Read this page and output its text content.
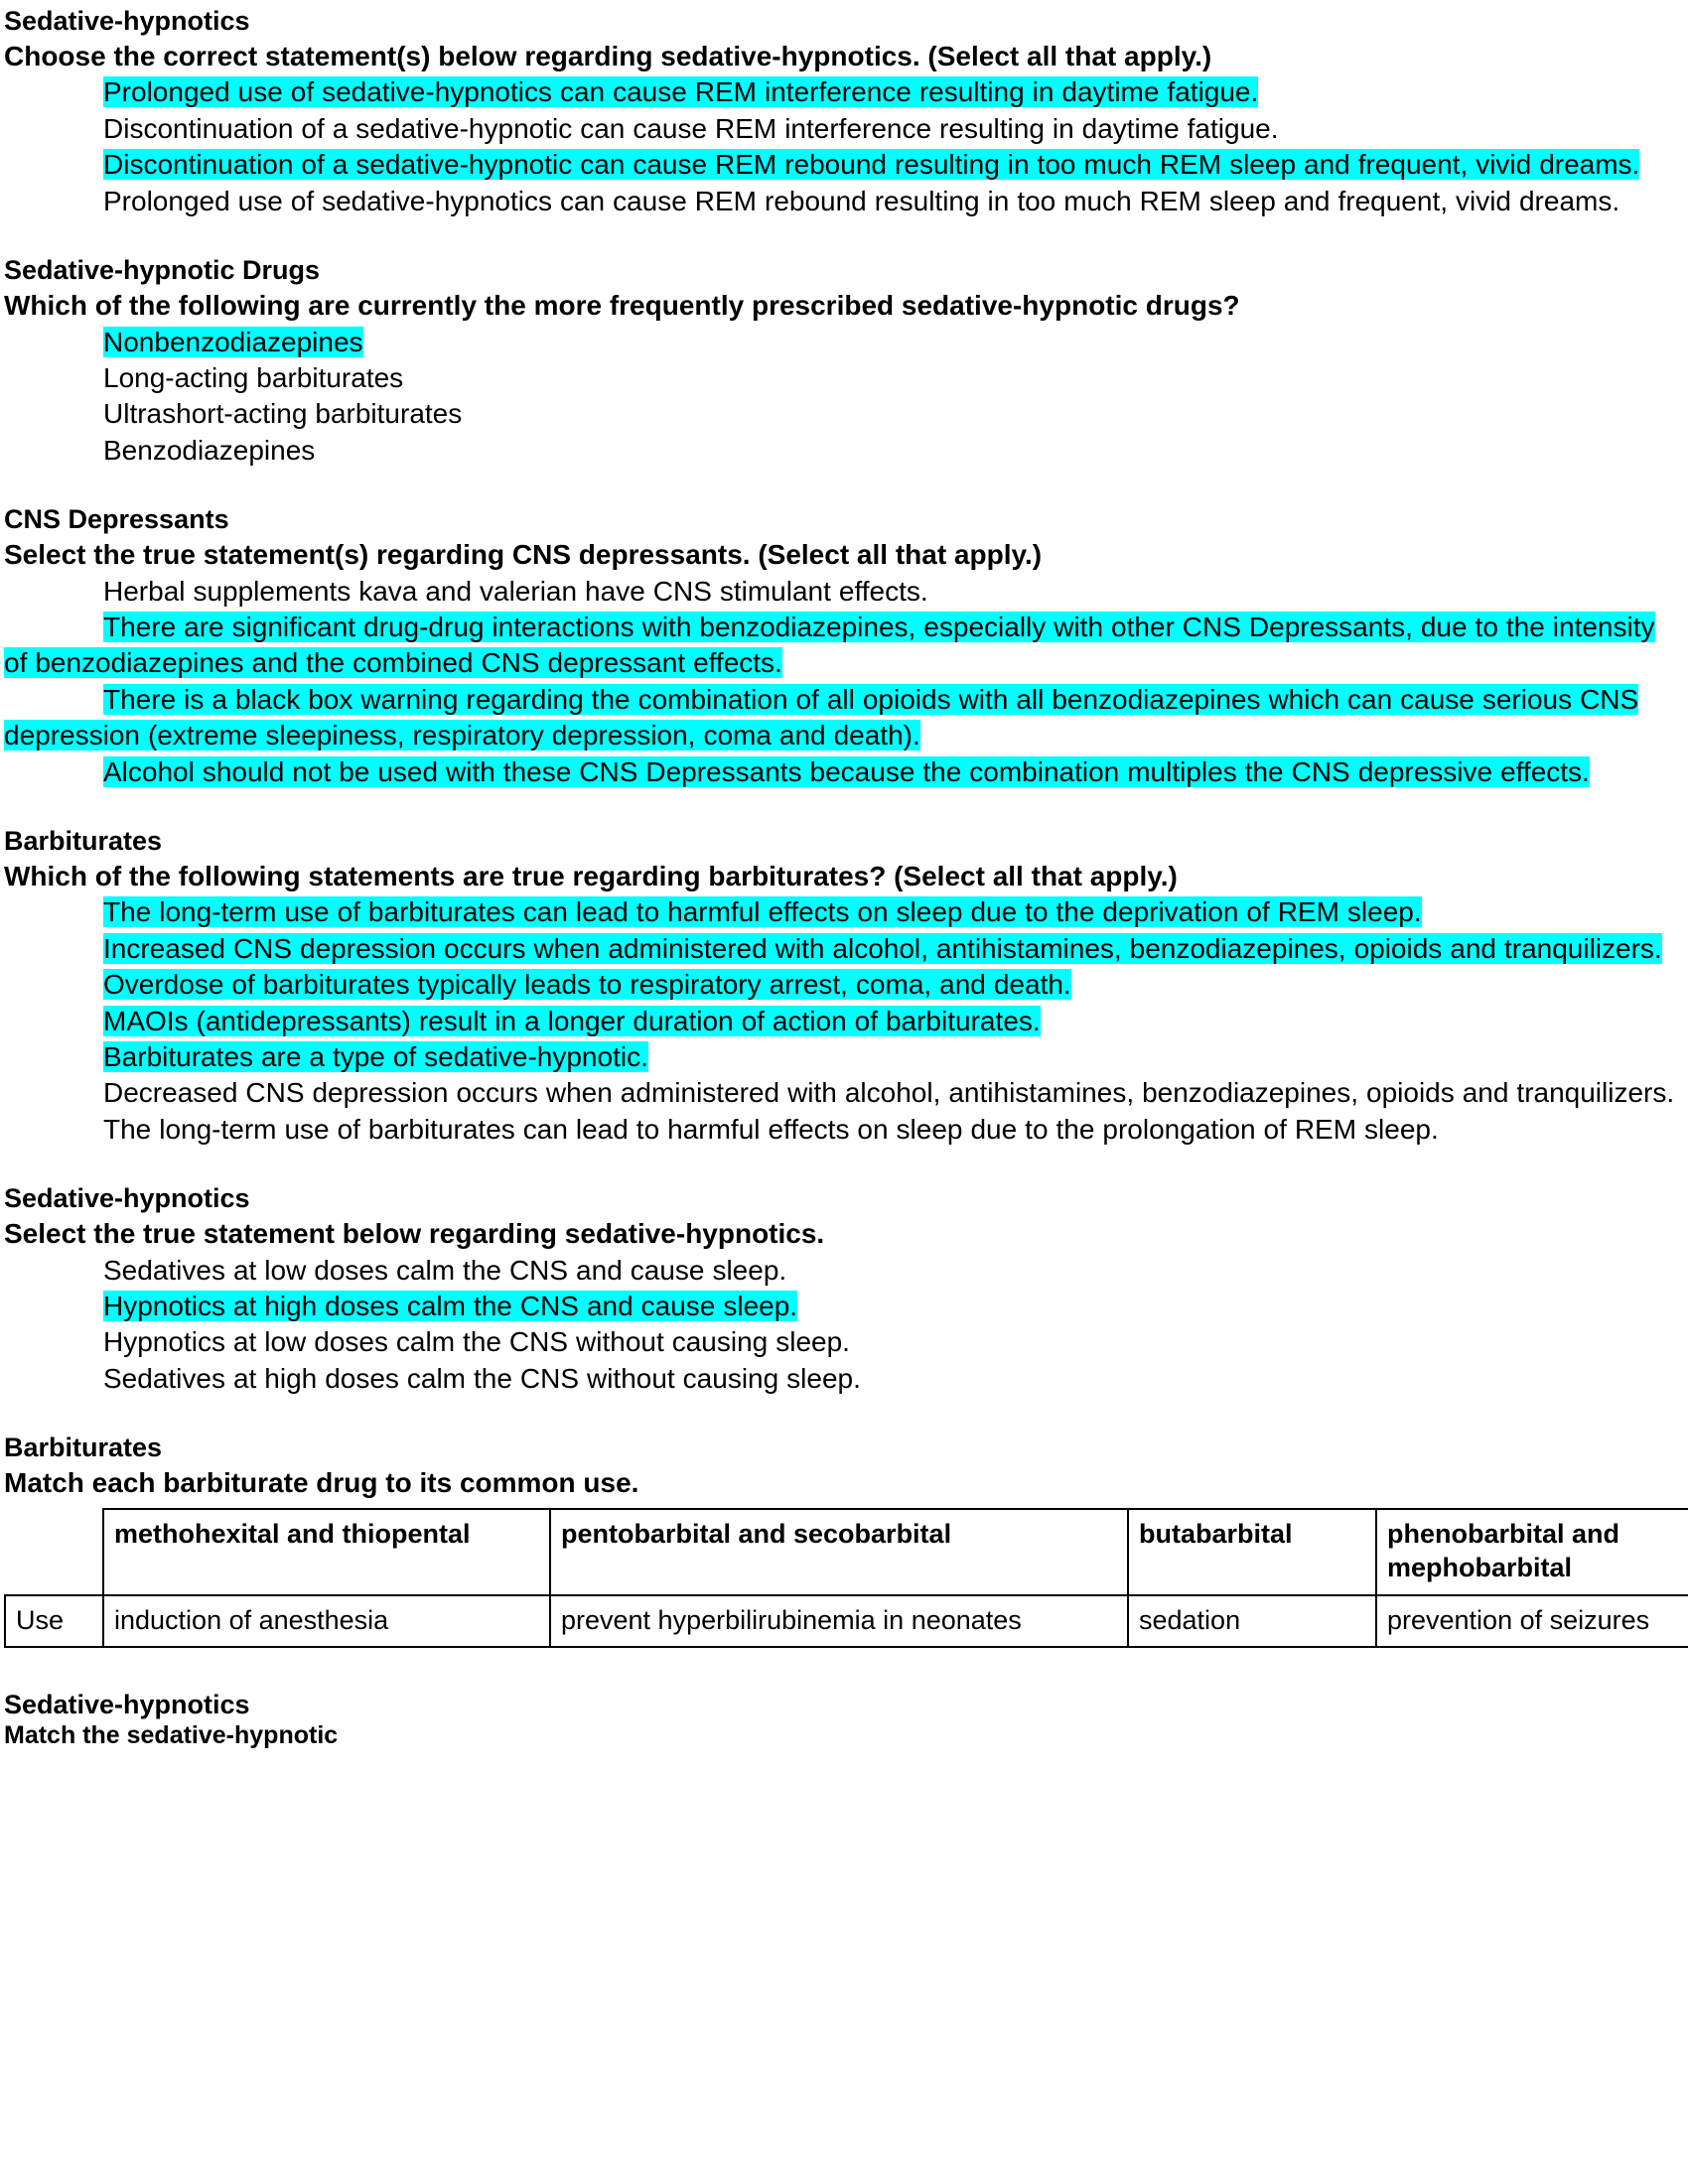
Sedative-hypnotics
Choose the correct statement(s) below regarding sedative-hypnotics. (Select all that apply.)
Prolonged use of sedative-hypnotics can cause REM interference resulting in daytime fatigue.
Discontinuation of a sedative-hypnotic can cause REM interference resulting in daytime fatigue.
Discontinuation of a sedative-hypnotic can cause REM rebound resulting in too much REM sleep and frequent, vivid dreams.
Prolonged use of sedative-hypnotics can cause REM rebound resulting in too much REM sleep and frequent, vivid dreams.
Sedative-hypnotic Drugs
Which of the following are currently the more frequently prescribed sedative-hypnotic drugs?
Nonbenzodiazepines
Long-acting barbiturates
Ultrashort-acting barbiturates
Benzodiazepines
CNS Depressants
Select the true statement(s) regarding CNS depressants. (Select all that apply.)
Herbal supplements kava and valerian have CNS stimulant effects.
There are significant drug-drug interactions with benzodiazepines, especially with other CNS Depressants, due to the intensity of benzodiazepines and the combined CNS depressant effects.
There is a black box warning regarding the combination of all opioids with all benzodiazepines which can cause serious CNS depression (extreme sleepiness, respiratory depression, coma and death).
Alcohol should not be used with these CNS Depressants because the combination multiples the CNS depressive effects.
Barbiturates
Which of the following statements are true regarding barbiturates? (Select all that apply.)
The long-term use of barbiturates can lead to harmful effects on sleep due to the deprivation of REM sleep.
Increased CNS depression occurs when administered with alcohol, antihistamines, benzodiazepines, opioids and tranquilizers.
Overdose of barbiturates typically leads to respiratory arrest, coma, and death.
MAOIs (antidepressants) result in a longer duration of action of barbiturates.
Barbiturates are a type of sedative-hypnotic.
Decreased CNS depression occurs when administered with alcohol, antihistamines, benzodiazepines, opioids and tranquilizers.
The long-term use of barbiturates can lead to harmful effects on sleep due to the prolongation of REM sleep.
Sedative-hypnotics
Select the true statement below regarding sedative-hypnotics.
Sedatives at low doses calm the CNS and cause sleep.
Hypnotics at high doses calm the CNS and cause sleep.
Hypnotics at low doses calm the CNS without causing sleep.
Sedatives at high doses calm the CNS without causing sleep.
Barbiturates
Match each barbiturate drug to its common use.
	methohexital and thiopental	pentobarbital and secobarbital	butabarbital	phenobarbital and mephobarbital
Use	induction of anesthesia	prevent hyperbilirubinemia in neonates	sedation	prevention of seizures
Sedative-hypnotics
Match the sedative-hypnotic
